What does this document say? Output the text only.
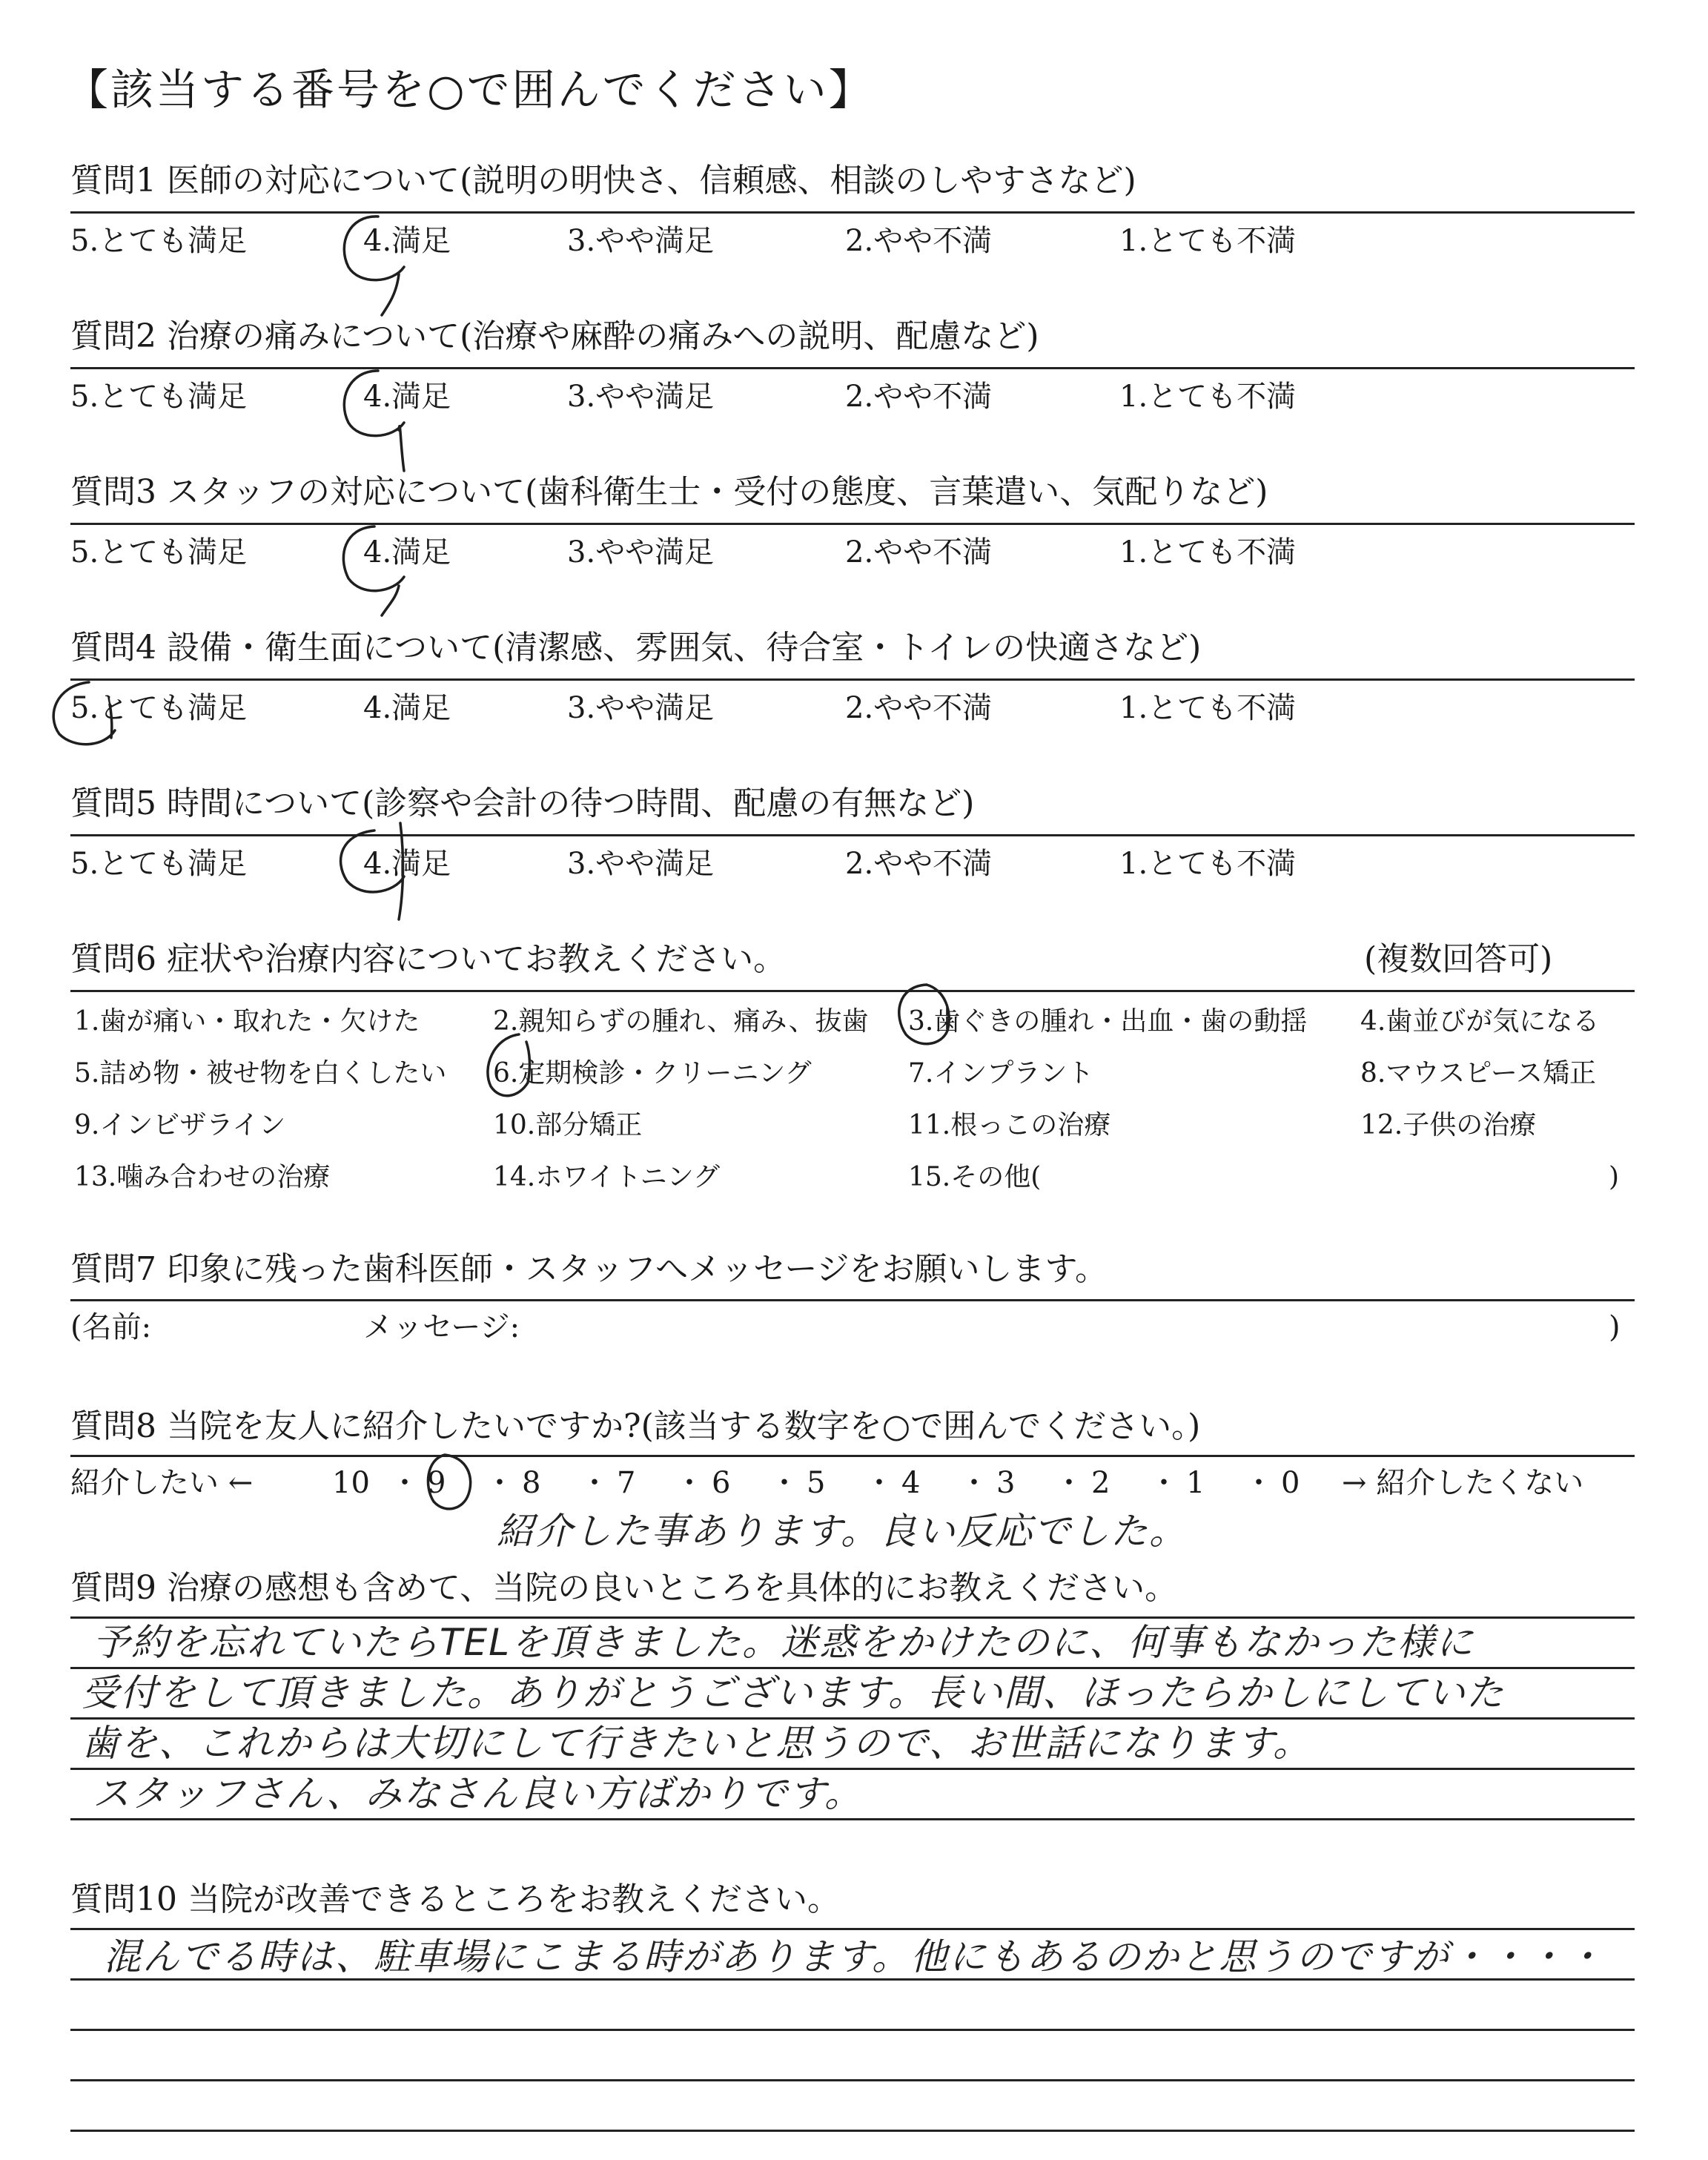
【該当する番号を○で囲んでください】
質問1 医師の対応について(説明の明快さ、信頼感、相談のしやすさなど)
5.とても満足	4.満足	3.やや満足	2.やや不満	1.とても不満
質問2 治療の痛みについて(治療や麻酔の痛みへの説明、配慮など)
5.とても満足	4.満足	3.やや満足	2.やや不満	1.とても不満
質問3 スタッフの対応について(歯科衛生士・受付の態度、言葉遣い、気配りなど)
5.とても満足	4.満足	3.やや満足	2.やや不満	1.とても不満
質問4 設備・衛生面について(清潔感、雰囲気、待合室・トイレの快適さなど)
5.とても満足	4.満足	3.やや満足	2.やや不満	1.とても不満
質問5 時間について(診察や会計の待つ時間、配慮の有無など)
5.とても満足	4.満足	3.やや満足	2.やや不満	1.とても不満
質問6 症状や治療内容についてお教えください。	(複数回答可)
1.歯が痛い・取れた・欠けた	2.親知らずの腫れ、痛み、抜歯 3.歯ぐきの腫れ・出血・歯の動揺 4.歯並びが気になる
5.詰め物・被せ物を白くしたい 6.定期検診・クリーニング	7.インプラント	8.マウスピース矯正
9.インビザライン	10.部分矯正	11.根っこの治療	12.子供の治療
13.噛み合わせの治療	14.ホワイトニング	15.その他(	)
質問7 印象に残った歯科医師・スタッフへメッセージをお願いします。
(名前:	メッセージ:	)
質問8 当院を友人に紹介したいですか?(該当する数字を○で囲んでください。)
紹介したい ←	→ 紹介したくない
10 ・ 9 ・ 8 ・ 7 ・ 6 ・ 5 ・ 4 ・ 3 ・ 2 ・ 1 ・ 0
紹介した事あります。良い反応でした。
質問9 治療の感想も含めて、当院の良いところを具体的にお教えください。
予約を忘れていたらTELを頂きました。迷惑をかけたのに、何事もなかった様に
受付をして頂きました。ありがとうございます。長い間、ほったらかしにしていた
歯を、これからは大切にして行きたいと思うので、お世話になります。
スタッフさん、みなさん良い方ばかりです。
質問10 当院が改善できるところをお教えください。
混んでる時は、駐車場にこまる時があります。他にもあるのかと思うのですが・・・・
